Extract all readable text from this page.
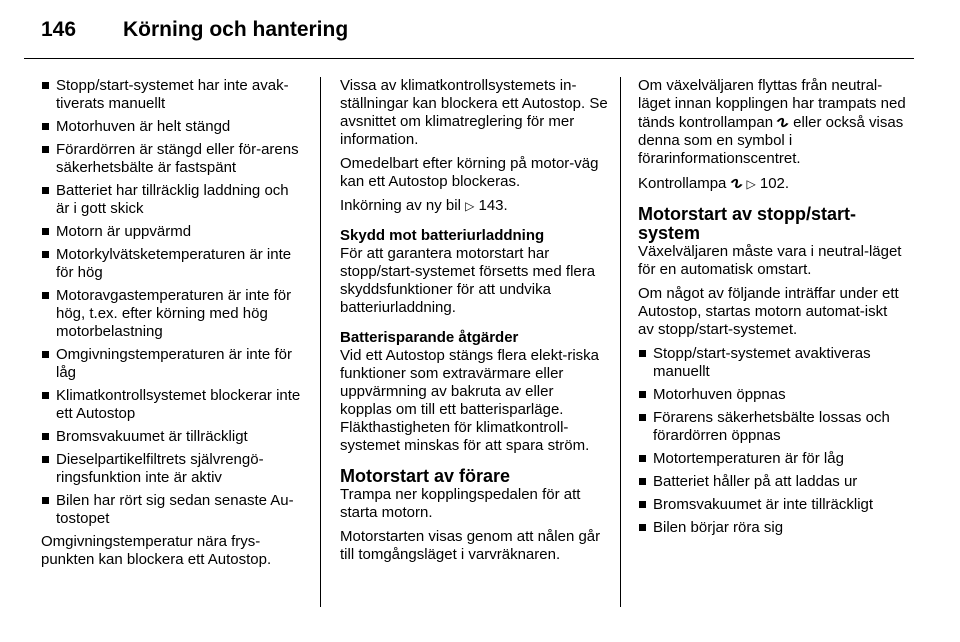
146	Körning och hantering
Stopp/start-systemet har inte avak-tiverats manuellt
Motorhuven är helt stängd
Förardörren är stängd eller för-arens säkerhetsbälte är fastspänt
Batteriet har tillräcklig laddning och är i gott skick
Motorn är uppvärmd
Motorkylvätsketemperaturen är inte för hög
Motoravgastemperaturen är inte för hög, t.ex. efter körning med hög motorbelastning
Omgivningstemperaturen är inte för låg
Klimatkontrollsystemet blockerar inte ett Autostop
Bromsvakuumet är tillräckligt
Dieselpartikelfiltrets självrengö-ringsfunktion inte är aktiv
Bilen har rört sig sedan senaste Au-tostopet

Omgivningstemperatur nära frys-punkten kan blockera ett Autostop.

Vissa av klimatkontrollsystemets in-ställningar kan blockera ett Autostop. Se avsnittet om klimatreglering för mer information.

Omedelbart efter körning på motor-väg kan ett Autostop blockeras.

Inkörning av ny bil ▷ 143.

Skydd mot batteriurladdning

För att garantera motorstart har stopp/start-systemet försetts med flera skyddsfunktioner för att undvika batteriurladdning.

Batterisparande åtgärder

Vid ett Autostop stängs flera elekt-riska funktioner som extravärmare eller uppvärmning av bakruta av eller kopplas om till ett batterisparläge. Fläkthastigheten för klimatkontroll-systemet minskas för att spara ström.

Motorstart av förare

Trampa ner kopplingspedalen för att starta motorn.

Motorstarten visas genom att nålen går till tomgångsläget i varvräknaren.

Om växelväljaren flyttas från neutral-läget innan kopplingen har trampats ned tänds kontrollampan ∿ eller också visas denna som en symbol i förarinformationscentret.

Kontrollampa ∿ ▷ 102.

Motorstart av stopp/start-system

Växelväljaren måste vara i neutral-läget för en automatisk omstart.

Om något av följande inträffar under ett Autostop, startas motorn automat-iskt av stopp/start-systemet.

Stopp/start-systemet avaktiveras manuellt
Motorhuven öppnas
Förarens säkerhetsbälte lossas och förardörren öppnas
Motortemperaturen är för låg
Batteriet håller på att laddas ur
Bromsvakuumet är inte tillräckligt
Bilen börjar röra sig
